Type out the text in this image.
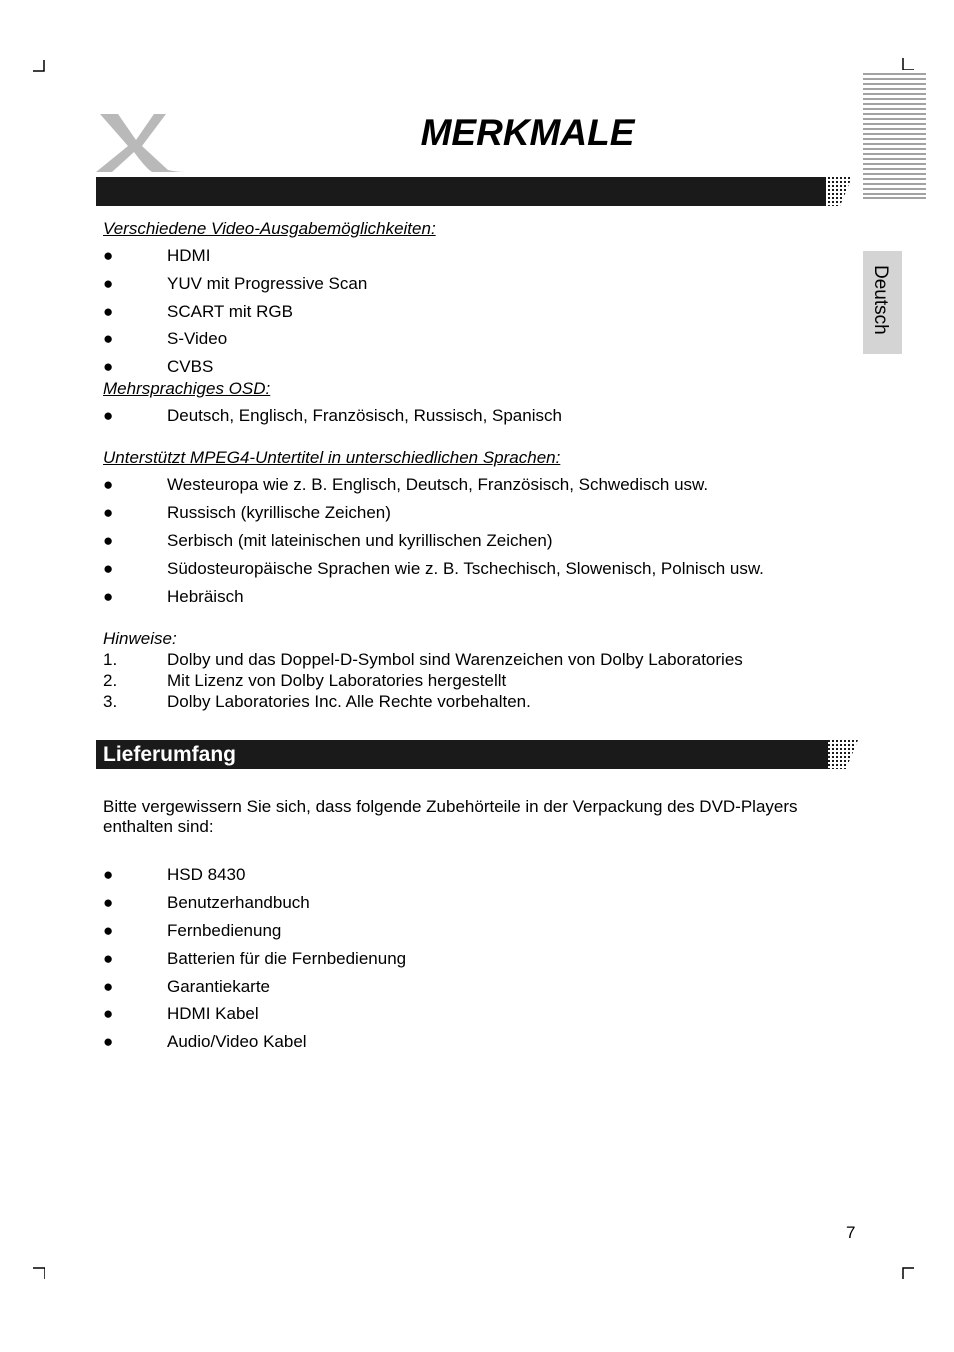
Deutsch
MERKMALE
Verschiedene Video-Ausgabemöglichkeiten:
●	HDMI
●	YUV mit Progressive Scan
●	SCART mit RGB
●	S-Video
●	CVBS
Mehrsprachiges OSD:
●	Deutsch, Englisch, Französisch, Russisch, Spanisch
Unterstützt MPEG4-Untertitel in unterschiedlichen Sprachen:
●	Westeuropa wie z. B. Englisch, Deutsch, Französisch, Schwedisch usw.
●	Russisch (kyrillische Zeichen)
●	Serbisch (mit lateinischen und kyrillischen Zeichen)
●	Südosteuropäische Sprachen wie z. B. Tschechisch, Slowenisch, Polnisch usw.
●	Hebräisch
Hinweise:
1.	Dolby und das Doppel-D-Symbol sind Warenzeichen von Dolby Laboratories
2.	Mit Lizenz von Dolby Laboratories hergestellt
3.	Dolby Laboratories Inc. Alle Rechte vorbehalten.
Lieferumfang
Bitte vergewissern Sie sich, dass folgende Zubehörteile in der Verpackung des DVD-Players enthalten sind:
●	HSD 8430
●	Benutzerhandbuch
●	Fernbedienung
●	Batterien für die Fernbedienung
●	Garantiekarte
●	HDMI Kabel
●	Audio/Video Kabel
7
